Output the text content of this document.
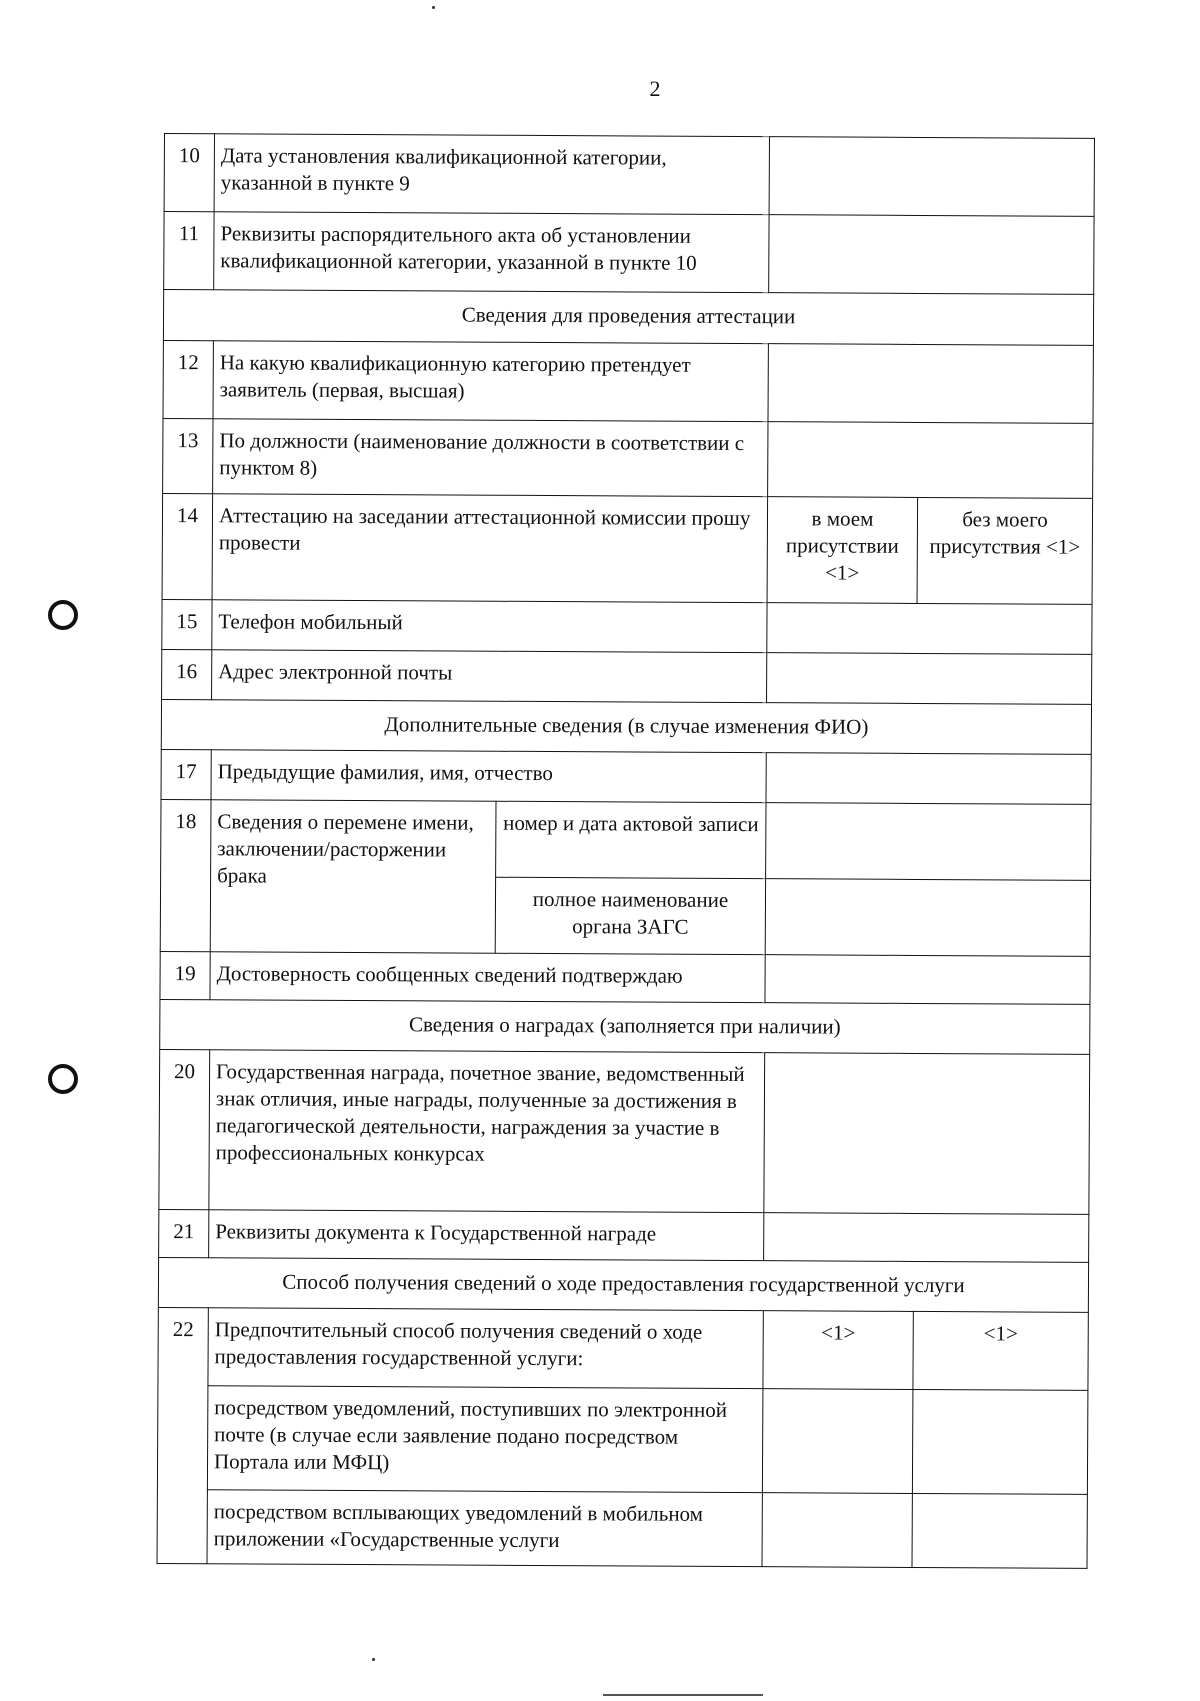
2
10	Дата установления квалификационной категории, указанной в пункте 9			
11	Реквизиты распорядительного акта об установлении квалификационной категории, указанной в пункте 10			
Сведения для проведения аттестации				
12	На какую квалификационную категорию претендует заявитель (первая, высшая)			
13	По должности (наименование должности в соответствии с пунктом 8)			
14	Аттестацию на заседании аттестационной комиссии прошу провести		в моем присутствии <1>	без моего присутствия <1>
15	Телефон мобильный			
16	Адрес электронной почты			
Дополнительные сведения (в случае изменения ФИО)				
17	Предыдущие фамилия, имя, отчество			
18	Сведения о перемене имени, заключении/расторжении брака	номер и дата актовой записи		
		полное наименование органа ЗАГС		
19	Достоверность сообщенных сведений подтверждаю			
Сведения о наградах (заполняется при наличии)				
20	Государственная награда, почетное звание, ведомственный знак отличия, иные награды, полученные за достижения в педагогической деятельности, награждения за участие в профессиональных конкурсах			
21	Реквизиты документа к Государственной награде			
Способ получения сведений о ходе предоставления государственной услуги				
22	Предпочтительный способ получения сведений о ходе предоставления государственной услуги:		<1>	<1>
	посредством уведомлений, поступивших по электронной почте (в случае если заявление подано посредством Портала или МФЦ)			
	посредством всплывающих уведомлений в мобильном приложении «Государственные услуги			
